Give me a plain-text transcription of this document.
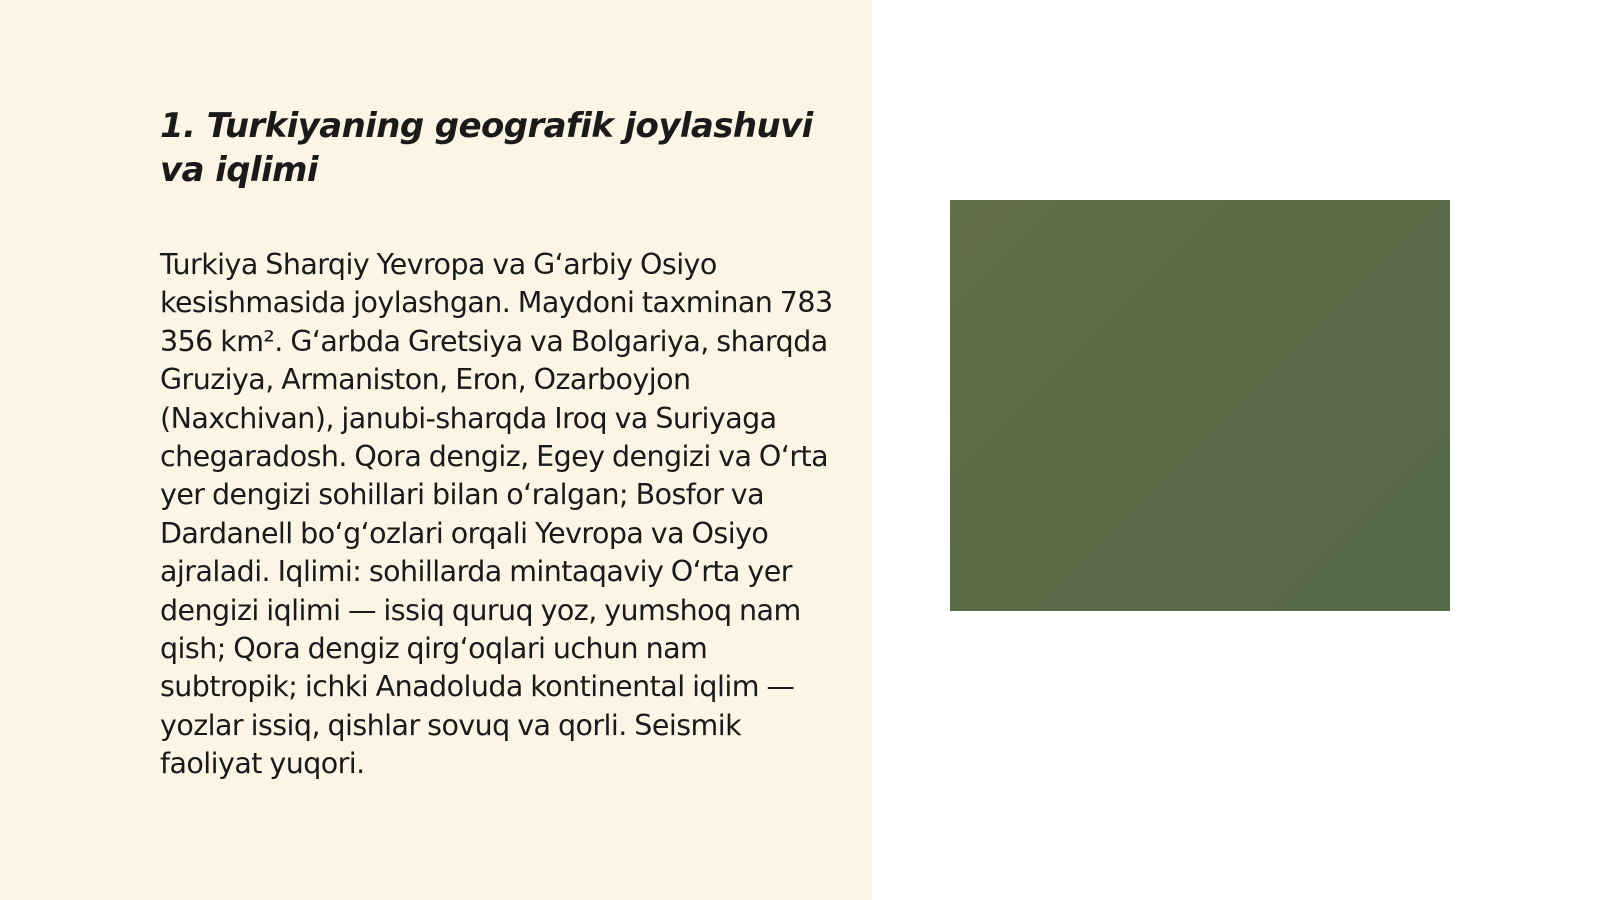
1. Turkiyaning geografik joylashuvi va iqlimi

Turkiya Sharqiy Yevropa va G‘arbiy Osiyo kesishmasida joylashgan. Maydoni taxminan 783 356 km². G‘arbda Gretsiya va Bolgariya, sharqda Gruziya, Armaniston, Eron, Ozarboyjon (Naxchivan), janubi-sharqda Iroq va Suriyaga chegaradosh. Qora dengiz, Egey dengizi va O‘rta yer dengizi sohillari bilan o‘ralgan; Bosfor va Dardanell bo‘g‘ozlari orqali Yevropa va Osiyo ajraladi. Iqlimi: sohillarda mintaqaviy O‘rta yer dengizi iqlimi — issiq quruq yoz, yumshoq nam qish; Qora dengiz qirg‘oqlari uchun nam subtropik; ichki Anadoluda kontinental iqlim — yozlar issiq, qishlar sovuq va qorli. Seismik faoliyat yuqori.
